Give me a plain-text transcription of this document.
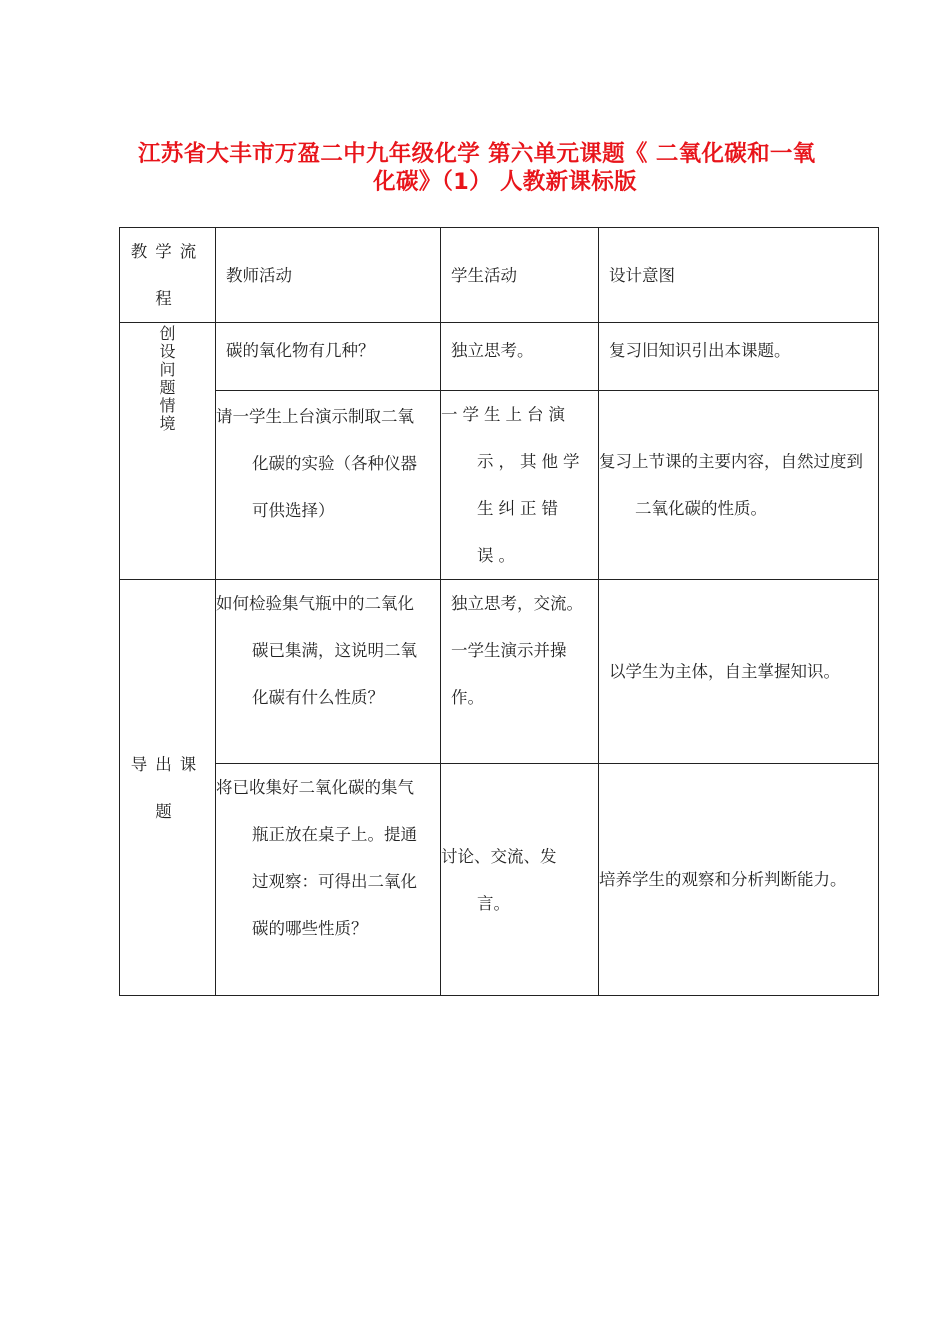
江苏省大丰市万盈二中九年级化学 第六单元课题《 二氧化碳和一氧
化碳》（1） 人教新课标版
教学流程	教师活动	学生活动	设计意图

创设问题情境	碳的氧化物有几种？	独立思考。	复习旧知识引出本课题。
	请一学生上台演示制取二氧化碳的实验（各种仪器可供选择）	一学生上台演示，其他学生纠正错误。	复习上节课的主要内容，自然过度到二氧化碳的性质。
导出课题	如何检验集气瓶中的二氧化碳已集满，这说明二氧化碳有什么性质？	独立思考，交流。一学生演示并操作。	以学生为主体，自主掌握知识。
	将已收集好二氧化碳的集气瓶正放在桌子上。提通过观察：可得出二氧化碳的哪些性质？	讨论、交流、发言。	培养学生的观察和分析判断能力。
